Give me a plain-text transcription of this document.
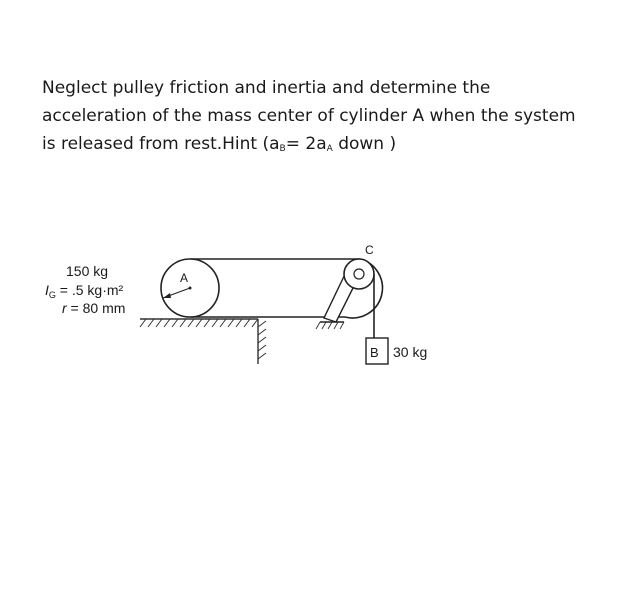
Neglect pulley friction and inertia and determine the
acceleration of the mass center of cylinder A when the system
is released from rest.Hint ($a_B= 2a_A$ down )
A
C
B 30 kg
150 kg
$I_G = .5$ kg·m²
r = 80 mm
